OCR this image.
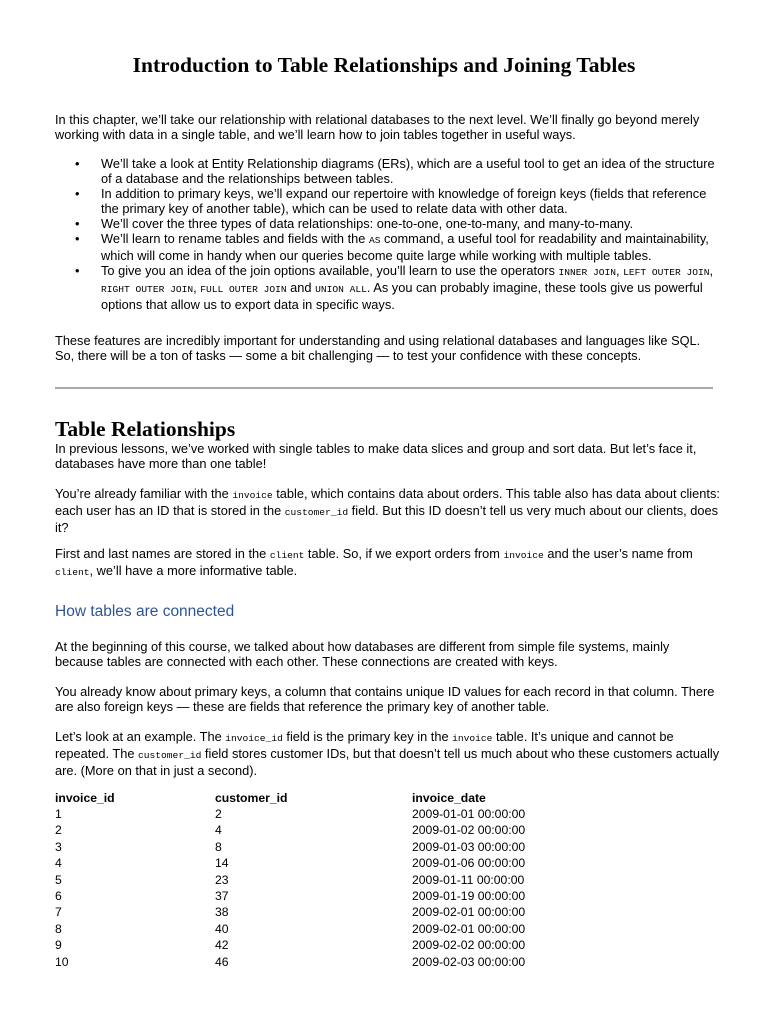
Introduction to Table Relationships and Joining Tables

In this chapter, we’ll take our relationship with relational databases to the next level. We’ll finally go beyond merely working with data in a single table, and we’ll learn how to join tables together in useful ways.

•	We’ll take a look at Entity Relationship diagrams (ERs), which are a useful tool to get an idea of the structure of a database and the relationships between tables.
•	In addition to primary keys, we’ll expand our repertoire with knowledge of foreign keys (fields that reference the primary key of another table), which can be used to relate data with other data.
•	We’ll cover the three types of data relationships: one-to-one, one-to-many, and many-to-many.
•	We’ll learn to rename tables and fields with the AS command, a useful tool for readability and maintainability, which will come in handy when our queries become quite large while working with multiple tables.
•	To give you an idea of the join options available, you’ll learn to use the operators INNER JOIN, LEFT OUTER JOIN, RIGHT OUTER JOIN, FULL OUTER JOIN and UNION ALL. As you can probably imagine, these tools give us powerful options that allow us to export data in specific ways.

These features are incredibly important for understanding and using relational databases and languages like SQL. So, there will be a ton of tasks — some a bit challenging — to test your confidence with these concepts.

Table Relationships

In previous lessons, we’ve worked with single tables to make data slices and group and sort data. But let’s face it, databases have more than one table!

You’re already familiar with the invoice table, which contains data about orders. This table also has data about clients: each user has an ID that is stored in the customer_id field. But this ID doesn’t tell us very much about our clients, does it?

First and last names are stored in the client table. So, if we export orders from invoice and the user’s name from client, we’ll have a more informative table.

How tables are connected

At the beginning of this course, we talked about how databases are different from simple file systems, mainly because tables are connected with each other. These connections are created with keys.

You already know about primary keys, a column that contains unique ID values for each record in that column. There are also foreign keys — these are fields that reference the primary key of another table.

Let’s look at an example. The invoice_id field is the primary key in the invoice table. It’s unique and cannot be repeated. The customer_id field stores customer IDs, but that doesn’t tell us much about who these customers actually are. (More on that in just a second).

invoice_id	customer_id	invoice_date
1	2	2009-01-01 00:00:00
2	4	2009-01-02 00:00:00
3	8	2009-01-03 00:00:00
4	14	2009-01-06 00:00:00
5	23	2009-01-11 00:00:00
6	37	2009-01-19 00:00:00
7	38	2009-02-01 00:00:00
8	40	2009-02-01 00:00:00
9	42	2009-02-02 00:00:00
10	46	2009-02-03 00:00:00
